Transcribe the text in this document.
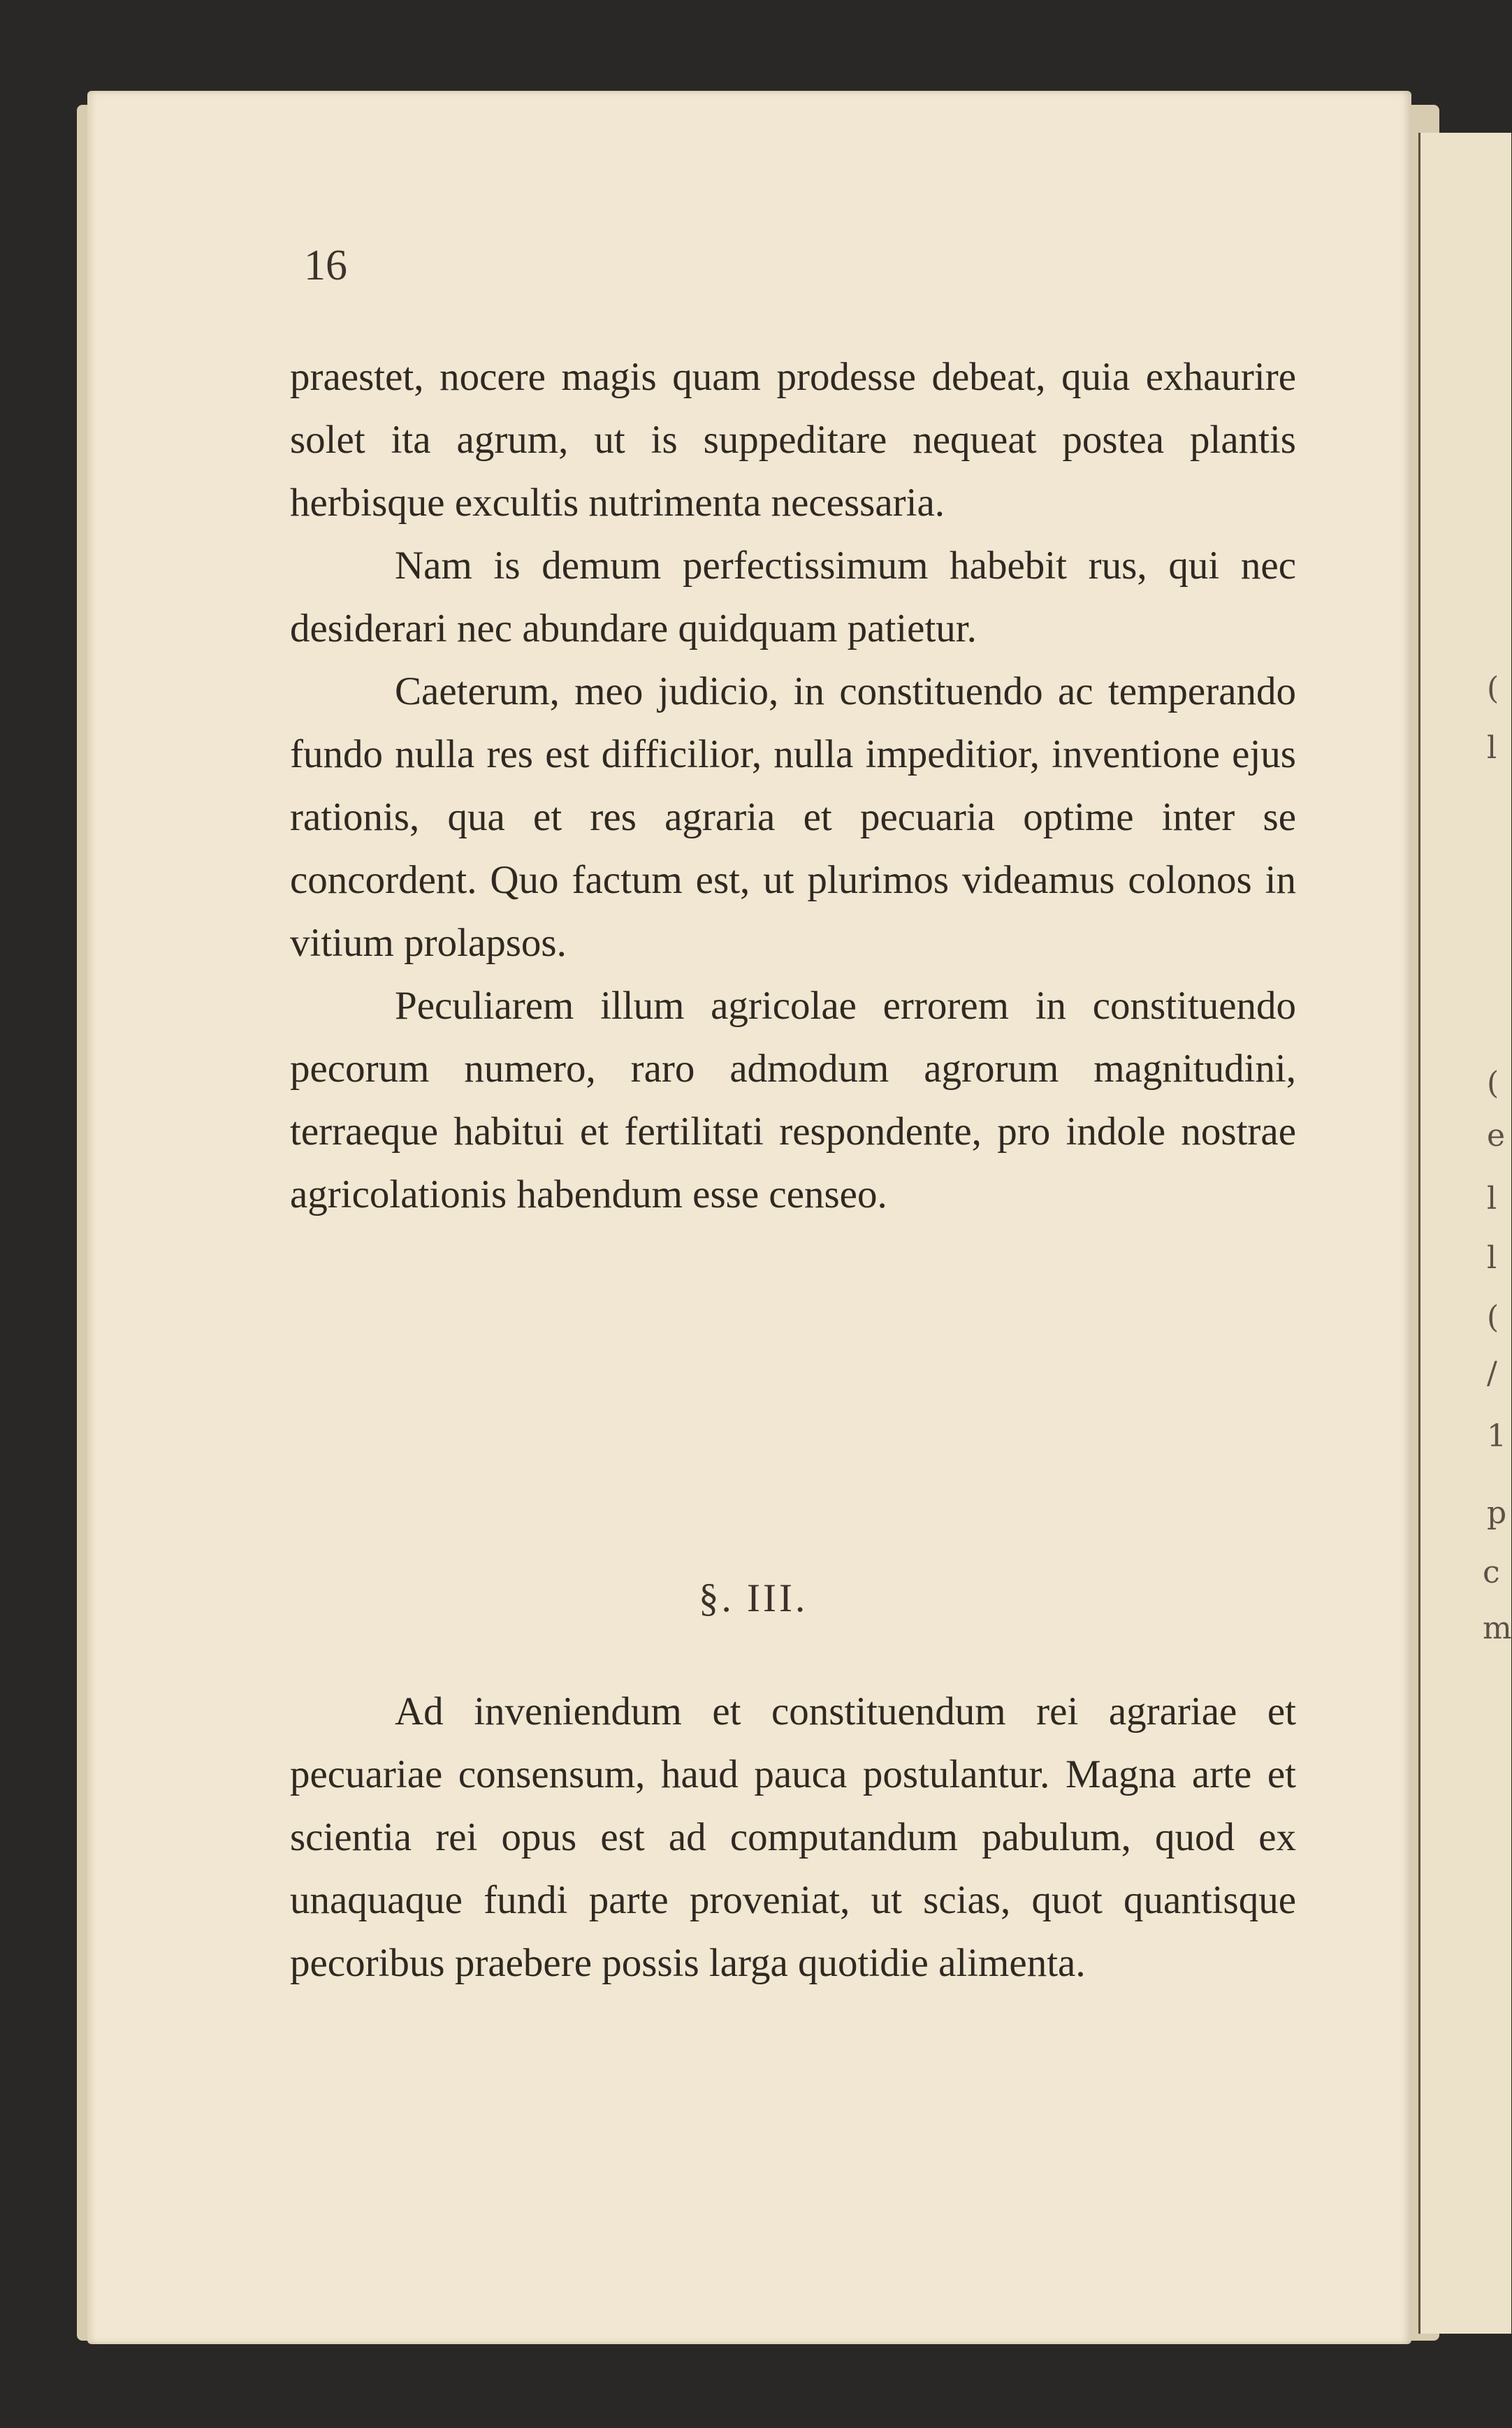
(
l
(
e
l
l
(
/
1
p
c
m
16

praestet, nocere magis quam prodesse debeat, quia exhaurire solet ita agrum, ut is suppeditare nequeat postea plantis herbisque excultis nutrimenta necessaria.

Nam is demum perfectissimum habebit rus, qui nec desiderari nec abundare quidquam patietur.

Caeterum, meo judicio, in constituendo ac temperando fundo nulla res est difficilior, nulla impeditior, inventione ejus rationis, qua et res agraria et pecuaria optime inter se concordent. Quo factum est, ut plurimos videamus colonos in vitium prolapsos.

Peculiarem illum agricolae errorem in constituendo pecorum numero, raro admodum agrorum magnitudini, terraeque habitui et fertilitati respondente, pro indole nostrae agricolationis habendum esse censeo.

§. III.

Ad inveniendum et constituendum rei agrariae et pecuariae consensum, haud pauca postulantur. Magna arte et scientia rei opus est ad computandum pabulum, quod ex unaquaque fundi parte proveniat, ut scias, quot quantisque pecoribus praebere possis larga quotidie alimenta.
